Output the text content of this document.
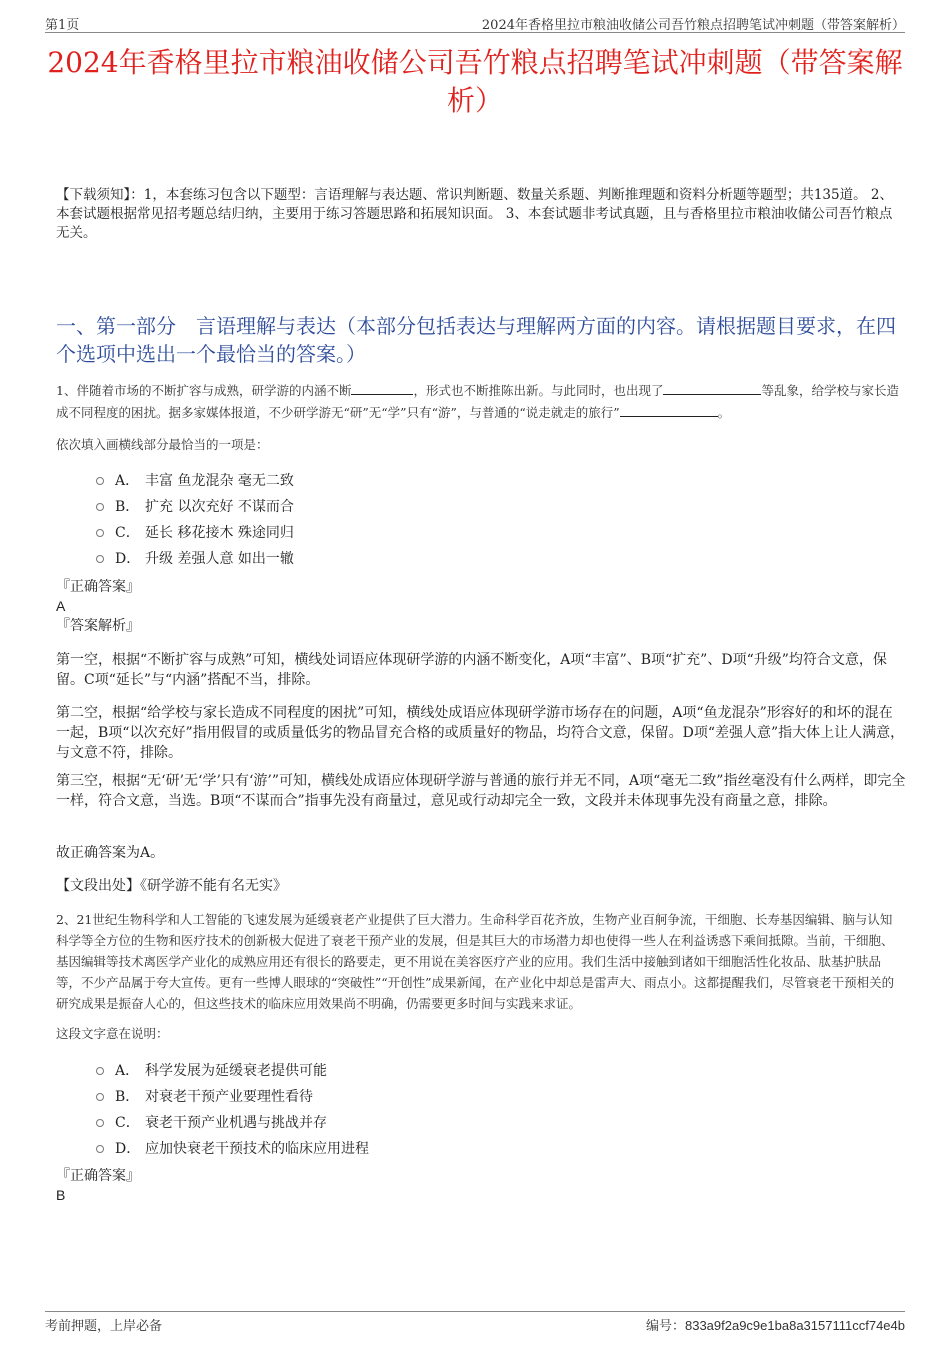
第1页	2024年香格里拉市粮油收储公司吾竹粮点招聘笔试冲刺题（带答案解析）
2024年香格里拉市粮油收储公司吾竹粮点招聘笔试冲刺题（带答案解析）
【下载须知】：1，本套练习包含以下题型：言语理解与表达题、常识判断题、数量关系题、判断推理题和资料分析题等题型；共135道。 2、本套试题根据常见招考题总结归纳，主要用于练习答题思路和拓展知识面。 3、本套试题非考试真题，且与香格里拉市粮油收储公司吾竹粮点无关。
一、第一部分　言语理解与表达（本部分包括表达与理解两方面的内容。请根据题目要求，在四个选项中选出一个最恰当的答案。）
1、伴随着市场的不断扩容与成熟，研学游的内涵不断	，形式也不断推陈出新。与此同时，也出现了	等乱象，给学校与家长造成不同程度的困扰。据多家媒体报道，不少研学游无“研”无“学”只有“游”，与普通的“说走就走的旅行”	。
依次填入画横线部分最恰当的一项是：
A． 丰富 鱼龙混杂 毫无二致
B． 扩充 以次充好 不谋而合
C． 延长 移花接木 殊途同归
D． 升级 差强人意 如出一辙
『正确答案』
A
『答案解析』
第一空，根据“不断扩容与成熟”可知，横线处词语应体现研学游的内涵不断变化，A项“丰富”、B项“扩充”、D项“升级”均符合文意，保留。C项“延长”与“内涵”搭配不当，排除。
第二空，根据“给学校与家长造成不同程度的困扰”可知，横线处成语应体现研学游市场存在的问题，A项“鱼龙混杂”形容好的和坏的混在一起，B项“以次充好”指用假冒的或质量低劣的物品冒充合格的或质量好的物品，均符合文意，保留。D项“差强人意”指大体上让人满意，与文意不符，排除。
第三空，根据“无‘研’无‘学’只有‘游’”可知，横线处成语应体现研学游与普通的旅行并无不同，A项“毫无二致”指丝毫没有什么两样，即完全一样，符合文意，当选。B项“不谋而合”指事先没有商量过，意见或行动却完全一致，文段并未体现事先没有商量之意，排除。
故正确答案为A。
【文段出处】《研学游不能有名无实》
2、21世纪生物科学和人工智能的飞速发展为延缓衰老产业提供了巨大潜力。生命科学百花齐放，生物产业百舸争流，干细胞、长寿基因编辑、脑与认知科学等全方位的生物和医疗技术的创新极大促进了衰老干预产业的发展，但是其巨大的市场潜力却也使得一些人在利益诱惑下乘间抵隙。当前，干细胞、基因编辑等技术离医学产业化的成熟应用还有很长的路要走，更不用说在美容医疗产业的应用。我们生活中接触到诸如干细胞活性化妆品、肽基护肤品等，不少产品属于夸大宣传。更有一些博人眼球的“突破性”“开创性”成果新闻，在产业化中却总是雷声大、雨点小。这都提醒我们，尽管衰老干预相关的研究成果是振奋人心的，但这些技术的临床应用效果尚不明确，仍需要更多时间与实践来求证。
这段文字意在说明：
A． 科学发展为延缓衰老提供可能
B． 对衰老干预产业要理性看待
C． 衰老干预产业机遇与挑战并存
D． 应加快衰老干预技术的临床应用进程
『正确答案』
B
考前押题，上岸必备	编号：833a9f2a9c9e1ba8a3157111ccf74e4b
